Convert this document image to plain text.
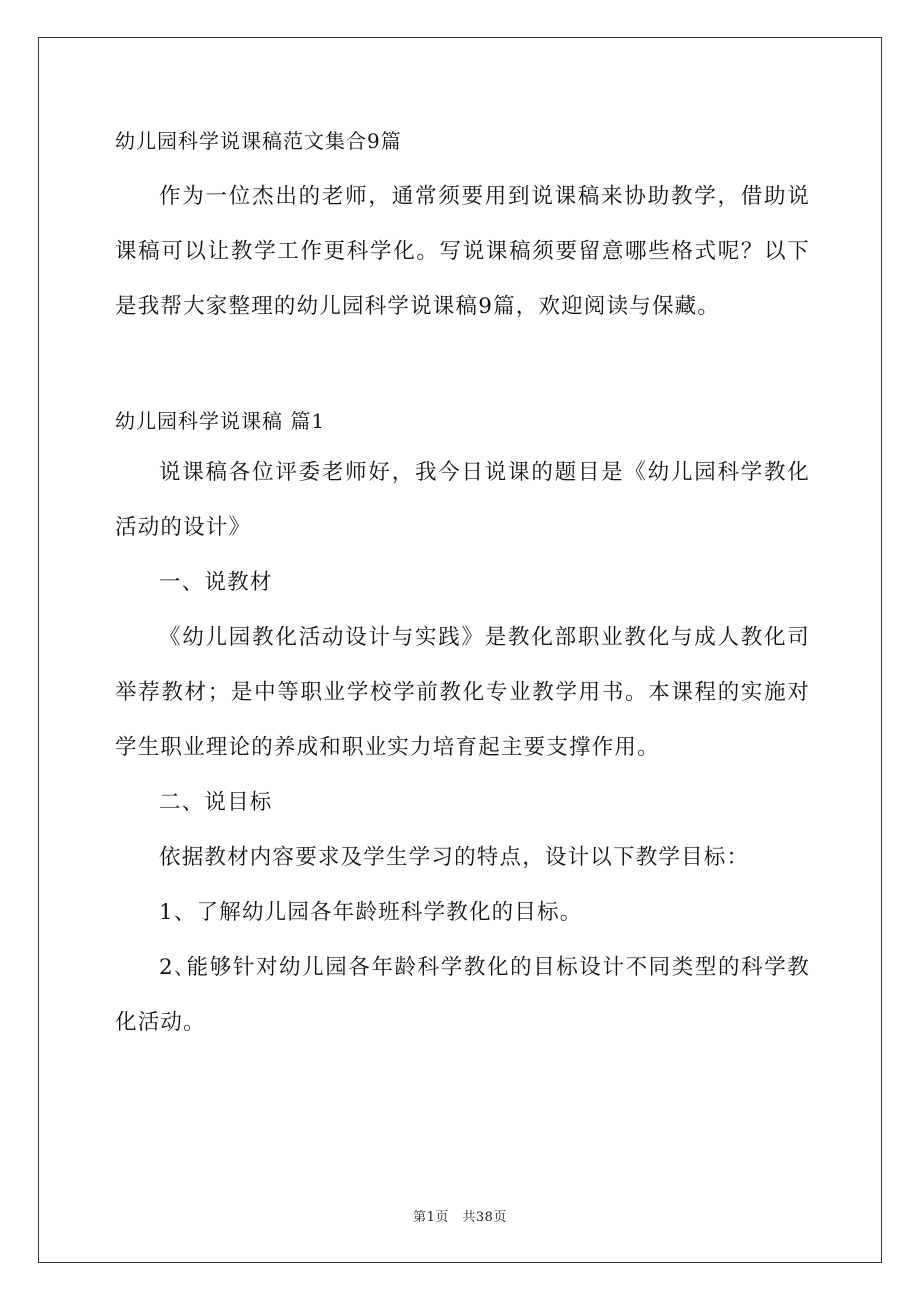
幼儿园科学说课稿范文集合9篇

作为一位杰出的老师，通常须要用到说课稿来协助教学，借助说课稿可以让教学工作更科学化。写说课稿须要留意哪些格式呢？以下是我帮大家整理的幼儿园科学说课稿9篇，欢迎阅读与保藏。

幼儿园科学说课稿 篇1

说课稿各位评委老师好，我今日说课的题目是《幼儿园科学教化活动的设计》

一、说教材

《幼儿园教化活动设计与实践》是教化部职业教化与成人教化司举荐教材；是中等职业学校学前教化专业教学用书。本课程的实施对学生职业理论的养成和职业实力培育起主要支撑作用。

二、说目标

依据教材内容要求及学生学习的特点，设计以下教学目标：

1、了解幼儿园各年龄班科学教化的目标。

2､能够针对幼儿园各年龄科学教化的目标设计不同类型的科学教化活动。

第1页　共38页
